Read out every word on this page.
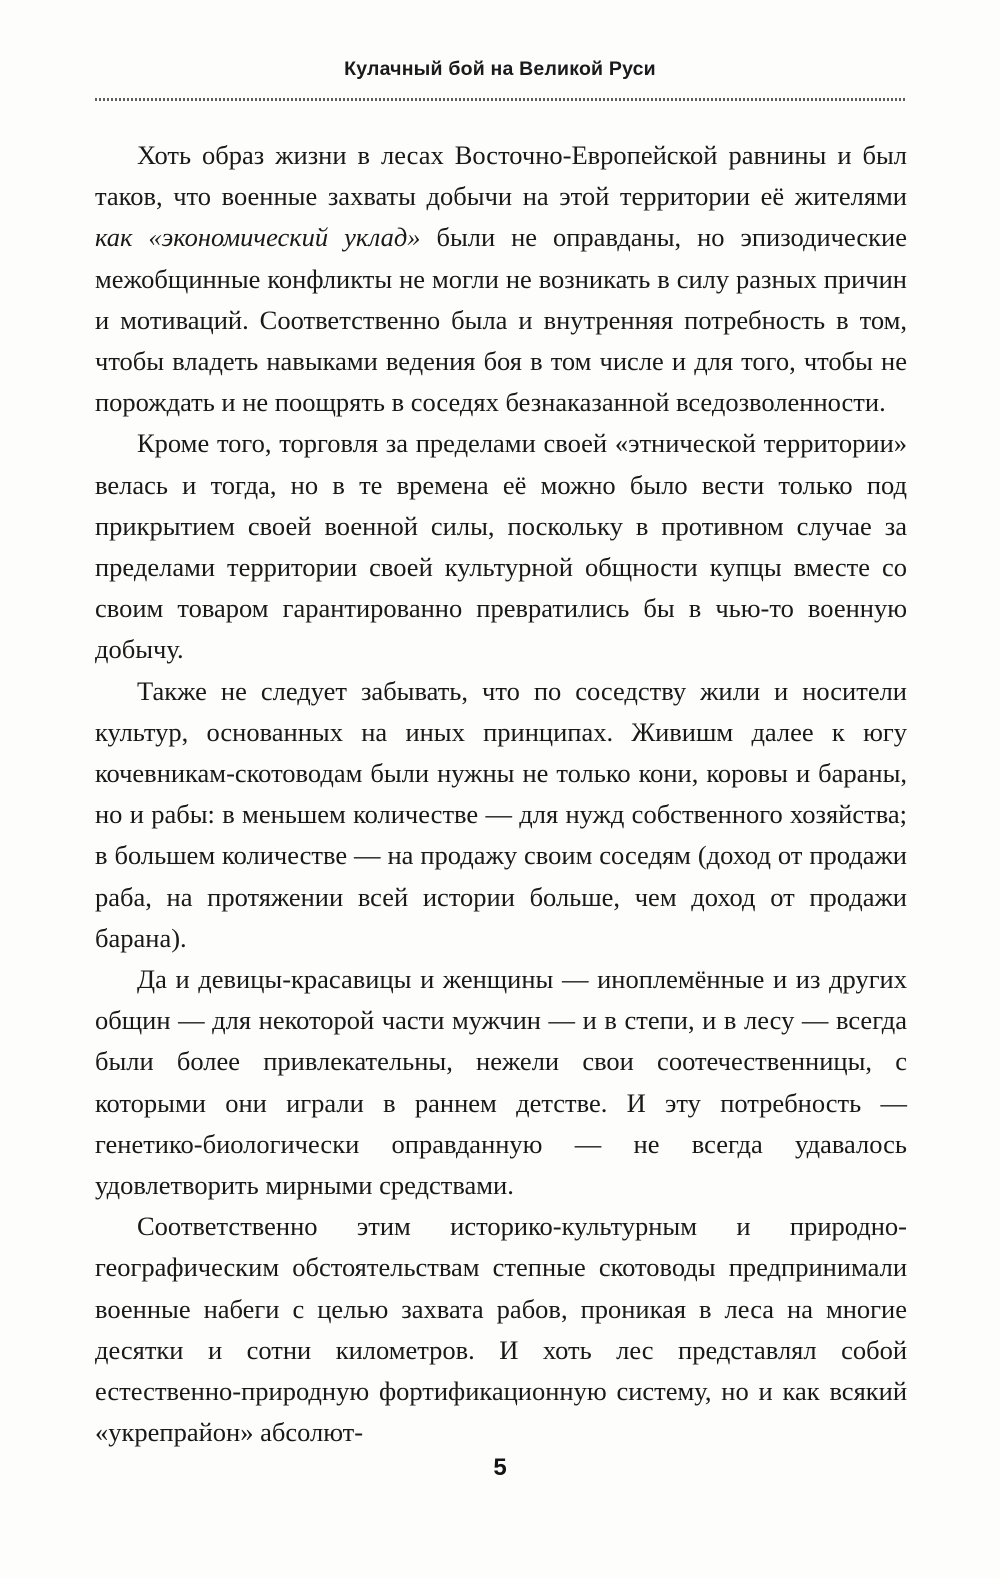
Кулачный бой на Великой Руси

Хоть образ жизни в лесах Восточно-Европейской равнины и был таков, что военные захваты добычи на этой территории её жителями как «экономический уклад» были не оправданы, но эпизодические межобщинные конфликты не могли не возникать в силу разных причин и мотиваций. Соответственно была и внутренняя потребность в том, чтобы владеть навыками ведения боя в том числе и для того, чтобы не порождать и не поощрять в соседях безнаказанной вседозволенности.

Кроме того, торговля за пределами своей «этнической территории» велась и тогда, но в те времена её можно было вести только под прикрытием своей военной силы, поскольку в противном случае за пределами территории своей культурной общности купцы вместе со своим товаром гарантированно превратились бы в чью-то военную добычу.

Также не следует забывать, что по соседству жили и носители культур, основанных на иных принципах. Живишм далее к югу кочевникам-скотоводам были нужны не только кони, коровы и бараны, но и рабы: в меньшем количестве — для нужд собственного хозяйства; в большем количестве — на продажу своим соседям (доход от продажи раба, на протяжении всей истории больше, чем доход от продажи барана).

Да и девицы-красавицы и женщины — иноплемённые и из других общин — для некоторой части мужчин — и в степи, и в лесу — всегда были более привлекательны, нежели свои соотечественницы, с которыми они играли в раннем детстве. И эту потребность — генетико-биологически оправданную — не всегда удавалось удовлетворить мирными средствами.

Соответственно этим историко-культурным и природно-географическим обстоятельствам степные скотоводы предпринимали военные набеги с целью захвата рабов, проникая в леса на многие десятки и сотни километров. И хоть лес представлял собой естественно-природную фортификационную систему, но и как всякий «укрепрайон» абсолют-

5
